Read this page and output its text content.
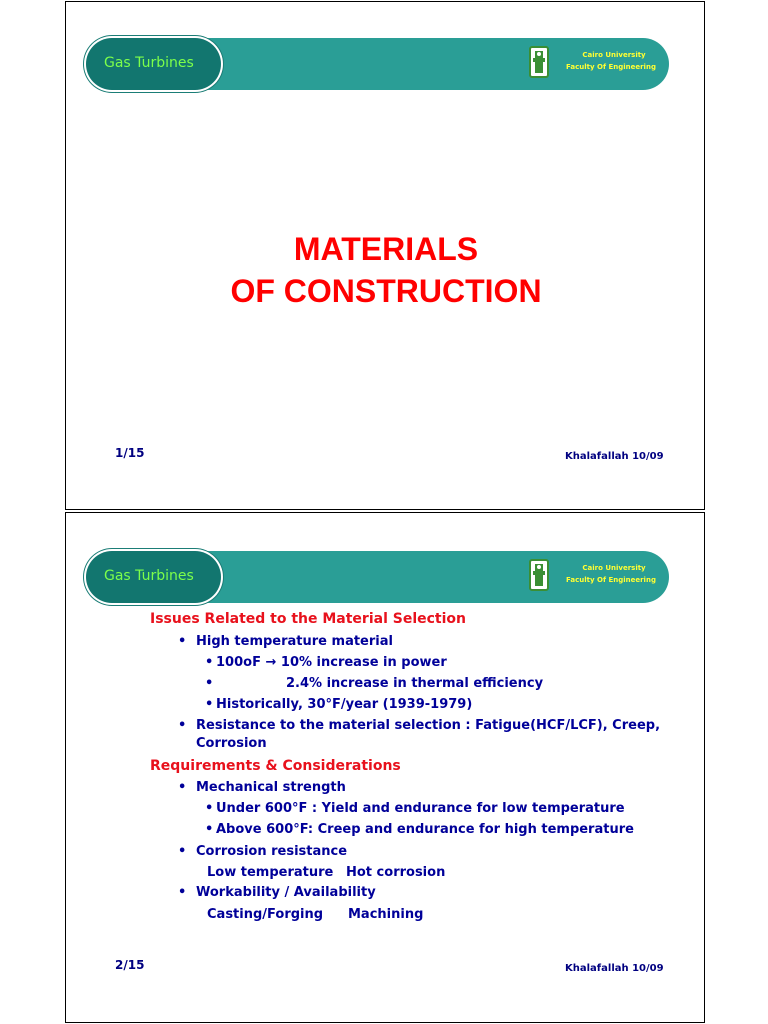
Gas Turbines	Cairo University
Faculty Of Engineering
MATERIALS
OF CONSTRUCTION
1/15	Khalafallah 10/09
Gas Turbines	Cairo University
Faculty Of Engineering
Issues Related to the Material Selection
• High temperature material
• 100oF → 10% increase in power
•	2.4% increase in thermal efficiency
• Historically, 30°F/year (1939-1979)
• Resistance to the material selection : Fatigue(HCF/LCF), Creep,
Corrosion
Requirements & Considerations
• Mechanical strength
• Under 600°F : Yield and endurance for low temperature
• Above 600°F: Creep and endurance for high temperature
• Corrosion resistance
Low temperature Hot corrosion
• Workability / Availability
Casting/Forging Machining
2/15	Khalafallah 10/09
